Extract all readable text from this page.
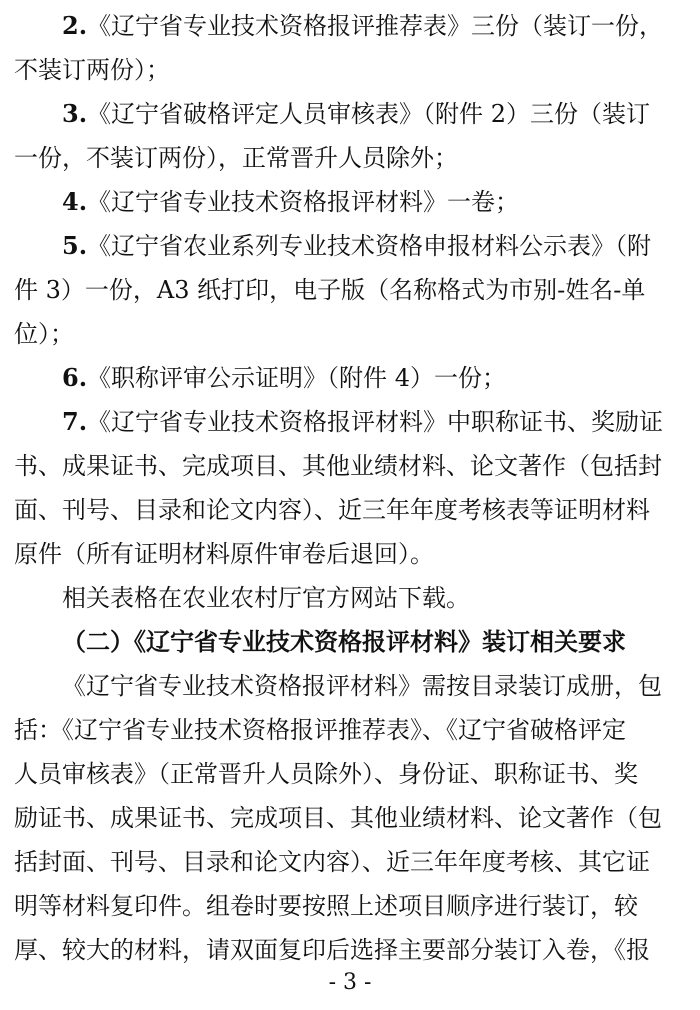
2.《辽宁省专业技术资格报评推荐表》三份（装订一份，
不装订两份）；
3.《辽宁省破格评定人员审核表》（附件 2）三份（装订
一份，不装订两份），正常晋升人员除外；
4.《辽宁省专业技术资格报评材料》一卷；
5.《辽宁省农业系列专业技术资格申报材料公示表》（附
件 3）一份，A3 纸打印，电子版（名称格式为市别-姓名-单
位）；
6.《职称评审公示证明》（附件 4）一份；
7.《辽宁省专业技术资格报评材料》中职称证书、奖励证
书、成果证书、完成项目、其他业绩材料、论文著作（包括封
面、刊号、目录和论文内容）、近三年年度考核表等证明材料
原件（所有证明材料原件审卷后退回）。
相关表格在农业农村厅官方网站下载。
（二）《辽宁省专业技术资格报评材料》装订相关要求
《辽宁省专业技术资格报评材料》需按目录装订成册，包
括：《辽宁省专业技术资格报评推荐表》、《辽宁省破格评定
人员审核表》（正常晋升人员除外）、身份证、职称证书、奖
励证书、成果证书、完成项目、其他业绩材料、论文著作（包
括封面、刊号、目录和论文内容）、近三年年度考核、其它证
明等材料复印件。组卷时要按照上述项目顺序进行装订，较
厚、较大的材料，请双面复印后选择主要部分装订入卷，《报
- 3 -
